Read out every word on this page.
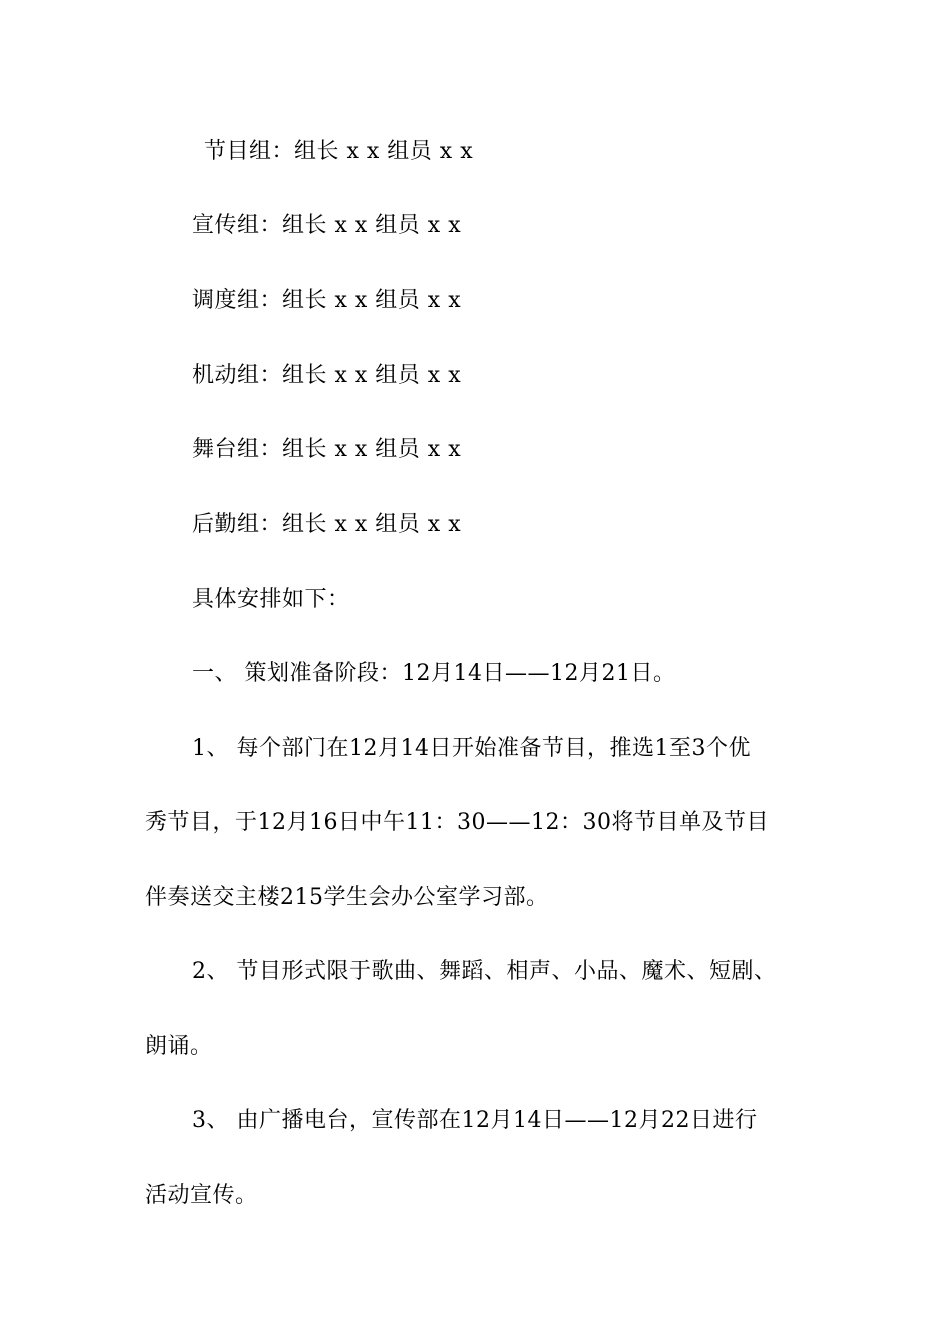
节目组：组长 x x 组员 x x
宣传组：组长 x x 组员 x x
调度组：组长 x x 组员 x x
机动组：组长 x x 组员 x x
舞台组：组长 x x 组员 x x
后勤组：组长 x x 组员 x x
具体安排如下：
一、 策划准备阶段：12月14日——12月21日。
1、 每个部门在12月14日开始准备节目，推选1至3个优
秀节目，于12月16日中午11：30——12：30将节目单及节目
伴奏送交主楼215学生会办公室学习部。
2、 节目形式限于歌曲、舞蹈、相声、小品、魔术、短剧、
朗诵。
3、 由广播电台，宣传部在12月14日——12月22日进行
活动宣传。
